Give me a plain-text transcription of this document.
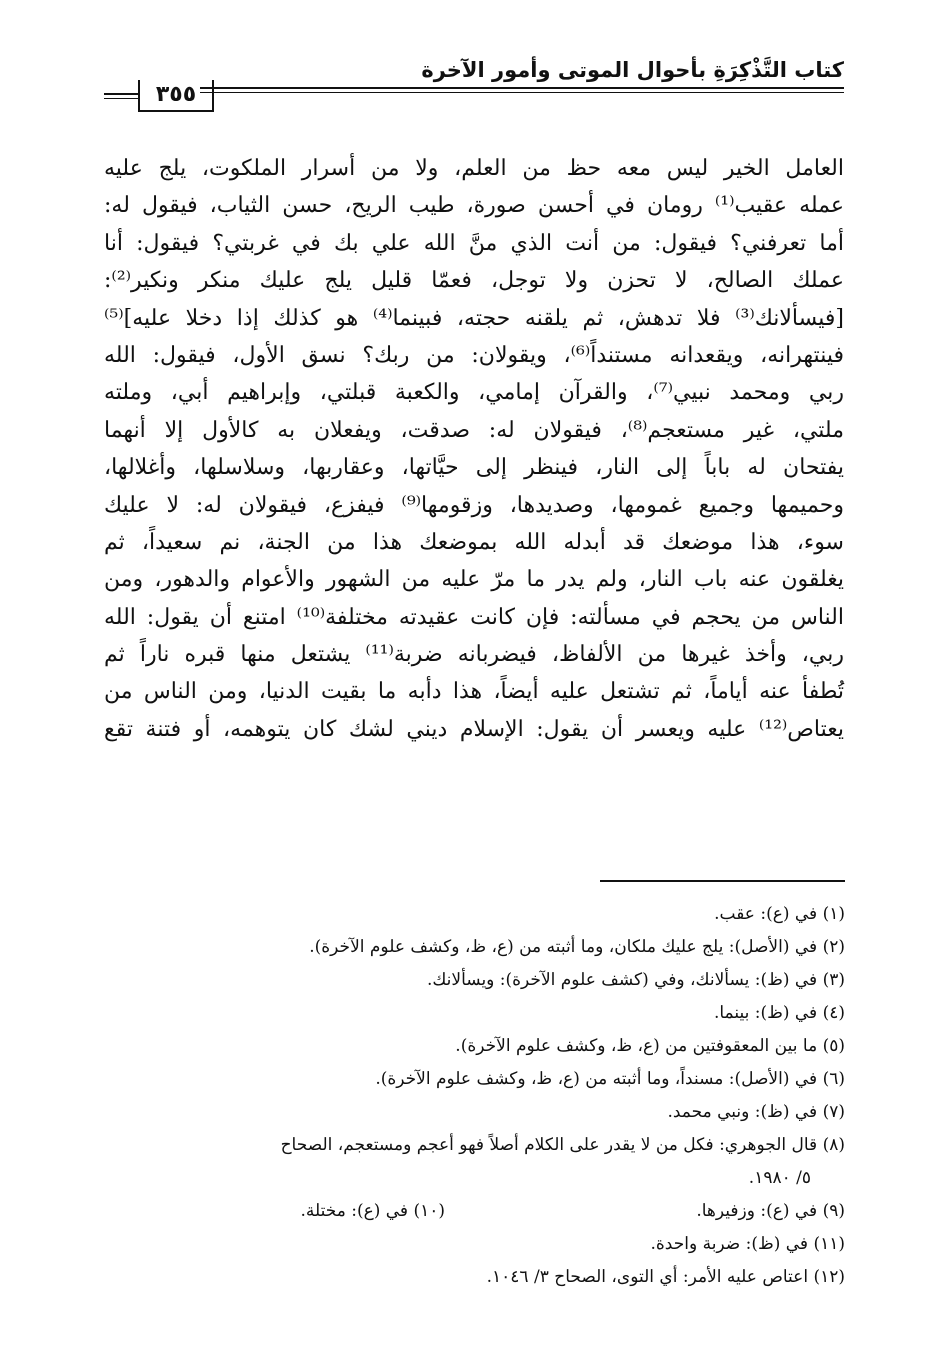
كتاب التَّذْكِرَةِ بأحوال الموتى وأمور الآخرة
٣٥٥
العامل الخير ليس معه حظ من العلم، ولا من أسرار الملكوت، يلج عليه
عمله عقيب⁽¹⁾ رومان في أحسن صورة، طيب الريح، حسن الثياب، فيقول له:
أما تعرفني؟ فيقول: من أنت الذي منَّ الله علي بك في غربتي؟ فيقول: أنا
عملك الصالح، لا تحزن ولا توجل، فعمّا قليل يلج عليك منكر ونكير⁽²⁾:
[فيسألانك⁽³⁾ فلا تدهش، ثم يلقنه حجته، فبينما⁽⁴⁾ هو كذلك إذا دخلا عليه]⁽⁵⁾
فينتهرانه، ويقعدانه مستنداً⁽⁶⁾، ويقولان: من ربك؟ نسق الأول، فيقول: الله
ربي ومحمد نبيي⁽⁷⁾، والقرآن إمامي، والكعبة قبلتي، وإبراهيم أبي، وملته
ملتي، غير مستعجم⁽⁸⁾، فيقولان له: صدقت، ويفعلان به كالأول إلا أنهما
يفتحان له باباً إلى النار، فينظر إلى حيَّاتها، وعقاربها، وسلاسلها، وأغلالها،
وحميمها وجميع غمومها، وصديدها، وزقومها⁽⁹⁾ فيفزع، فيقولان له: لا عليك
سوء، هذا موضعك قد أبدله الله بموضعك هذا من الجنة، نم سعيداً، ثم
يغلقون عنه باب النار، ولم يدر ما مرّ عليه من الشهور والأعوام والدهور، ومن
الناس من يحجم في مسألته: فإن كانت عقيدته مختلفة⁽¹⁰⁾ امتنع أن يقول: الله
ربي، وأخذ غيرها من الألفاظ، فيضربانه ضربة⁽¹¹⁾ يشتعل منها قبره ناراً ثم
تُطفأ عنه أياماً، ثم تشتعل عليه أيضاً، هذا دأبه ما بقيت الدنيا، ومن الناس من
يعتاص⁽¹²⁾ عليه ويعسر أن يقول: الإسلام ديني لشك كان يتوهمه، أو فتنة تقع
(١) في (ع): عقب.
(٢) في (الأصل): يلج عليك ملكان، وما أثبته من (ع، ظ، وكشف علوم الآخرة).
(٣) في (ظ): يسألانك، وفي (كشف علوم الآخرة): ويسألانك.
(٤) في (ظ): بينما.
(٥) ما بين المعقوفتين من (ع، ظ، وكشف علوم الآخرة).
(٦) في (الأصل): مسنداً، وما أثبته من (ع، ظ، وكشف علوم الآخرة).
(٧) في (ظ): ونبي محمد.
(٨) قال الجوهري: فكل من لا يقدر على الكلام أصلاً فهو أعجم ومستعجم، الصحاح
٥/ ١٩٨٠.
(٩) في (ع): وزفيرها.
(١٠) في (ع): مختلة.
(١١) في (ظ): ضربة واحدة.
(١٢) اعتاص عليه الأمر: أي التوى، الصحاح ٣/ ١٠٤٦.
